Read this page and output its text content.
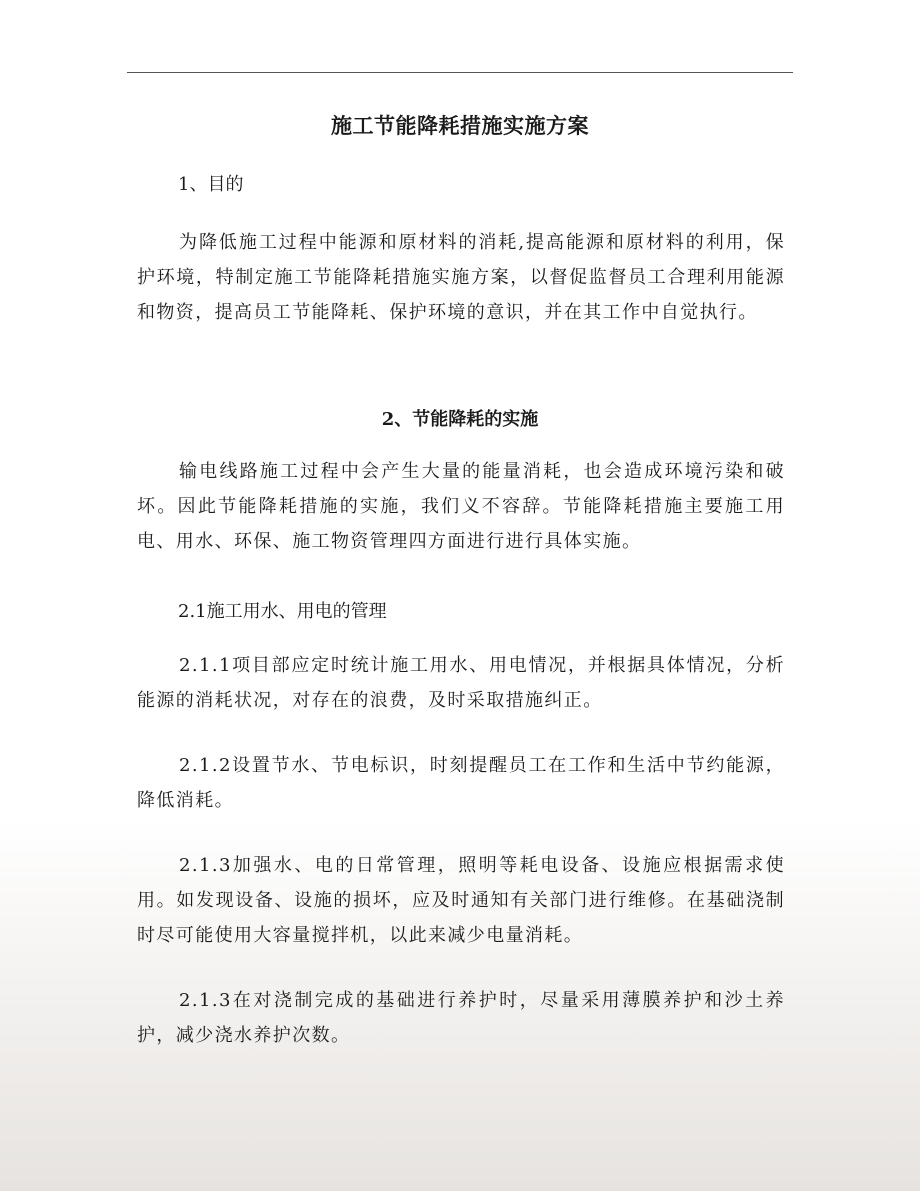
施工节能降耗措施实施方案
1、目的

为降低施工过程中能源和原材料的消耗,提高能源和原材料的利用，保护环境，特制定施工节能降耗措施实施方案，以督促监督员工合理利用能源和物资，提高员工节能降耗、保护环境的意识，并在其工作中自觉执行。

2、节能降耗的实施

输电线路施工过程中会产生大量的能量消耗，也会造成环境污染和破坏。因此节能降耗措施的实施，我们义不容辞。节能降耗措施主要施工用电、用水、环保、施工物资管理四方面进行进行具体实施。

2.1施工用水、用电的管理

2.1.1项目部应定时统计施工用水、用电情况，并根据具体情况，分析能源的消耗状况，对存在的浪费，及时采取措施纠正。

2.1.2设置节水、节电标识，时刻提醒员工在工作和生活中节约能源，降低消耗。

2.1.3加强水、电的日常管理，照明等耗电设备、设施应根据需求使用。如发现设备、设施的损坏，应及时通知有关部门进行维修。在基础浇制时尽可能使用大容量搅拌机，以此来减少电量消耗。

2.1.3在对浇制完成的基础进行养护时，尽量采用薄膜养护和沙土养护，减少浇水养护次数。
